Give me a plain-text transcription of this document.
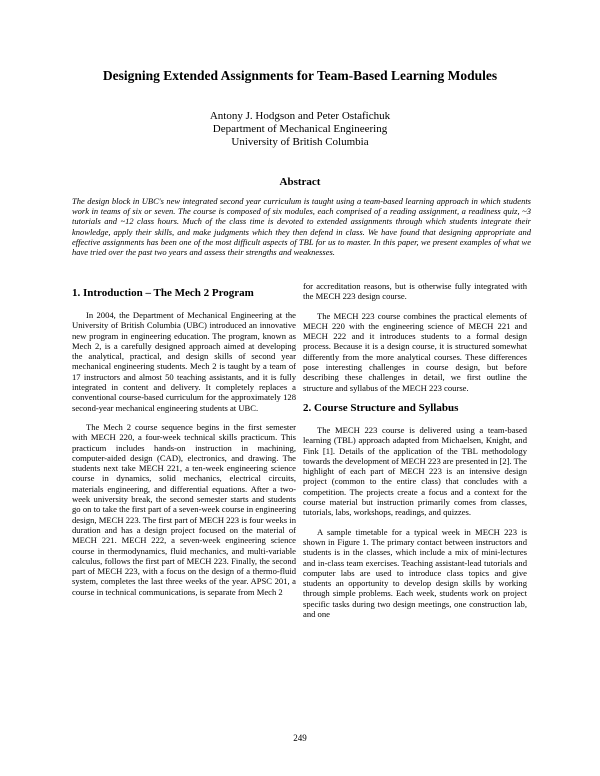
Designing Extended Assignments for Team-Based Learning Modules
Antony J. Hodgson and Peter Ostafichuk
Department of Mechanical Engineering
University of British Columbia
Abstract

The design block in UBC's new integrated second year curriculum is taught using a team-based learning approach in which students work in teams of six or seven. The course is composed of six modules, each comprised of a reading assignment, a readiness quiz, ~3 tutorials and ~12 class hours. Much of the class time is devoted to extended assignments through which students integrate their knowledge, apply their skills, and make judgments which they then defend in class. We have found that designing appropriate and effective assignments has been one of the most difficult aspects of TBL for us to master. In this paper, we present examples of what we have tried over the past two years and assess their strengths and weaknesses.

1. Introduction – The Mech 2 Program

In 2004, the Department of Mechanical Engineering at the University of British Columbia (UBC) introduced an innovative new program in engineering education. The program, known as Mech 2, is a carefully designed approach aimed at developing the analytical, practical, and design skills of second year mechanical engineering students. Mech 2 is taught by a team of 17 instructors and almost 50 teaching assistants, and it is fully integrated in content and delivery. It completely replaces a conventional course-based curriculum for the approximately 128 second-year mechanical engineering students at UBC.

The Mech 2 course sequence begins in the first semester with MECH 220, a four-week technical skills practicum. This practicum includes hands-on instruction in machining, computer-aided design (CAD), electronics, and drawing. The students next take MECH 221, a ten-week engineering science course in dynamics, solid mechanics, electrical circuits, materials engineering, and differential equations. After a two-week university break, the second semester starts and students go on to take the first part of a seven-week course in engineering design, MECH 223. The first part of MECH 223 is four weeks in duration and has a design project focused on the material of MECH 221. MECH 222, a seven-week engineering science course in thermodynamics, fluid mechanics, and multi-variable calculus, follows the first part of MECH 223. Finally, the second part of MECH 223, with a focus on the design of a thermo-fluid system, completes the last three weeks of the year. APSC 201, a course in technical communications, is separate from Mech 2

for accreditation reasons, but is otherwise fully integrated with the MECH 223 design course.

The MECH 223 course combines the practical elements of MECH 220 with the engineering science of MECH 221 and MECH 222 and it introduces students to a formal design process. Because it is a design course, it is structured somewhat differently from the more analytical courses. These differences pose interesting challenges in course design, but before describing these challenges in detail, we first outline the structure and syllabus of the MECH 223 course.

2. Course Structure and Syllabus

The MECH 223 course is delivered using a team-based learning (TBL) approach adapted from Michaelsen, Knight, and Fink [1]. Details of the application of the TBL methodology towards the development of MECH 223 are presented in [2]. The highlight of each part of MECH 223 is an intensive design project (common to the entire class) that concludes with a competition. The projects create a focus and a context for the course material but instruction primarily comes from classes, tutorials, labs, workshops, readings, and quizzes.

A sample timetable for a typical week in MECH 223 is shown in Figure 1. The primary contact between instructors and students is in the classes, which include a mix of mini-lectures and in-class team exercises. Teaching assistant-lead tutorials and computer labs are used to introduce class topics and give students an opportunity to develop design skills by working through simple problems. Each week, students work on project specific tasks during two design meetings, one construction lab, and one

249
